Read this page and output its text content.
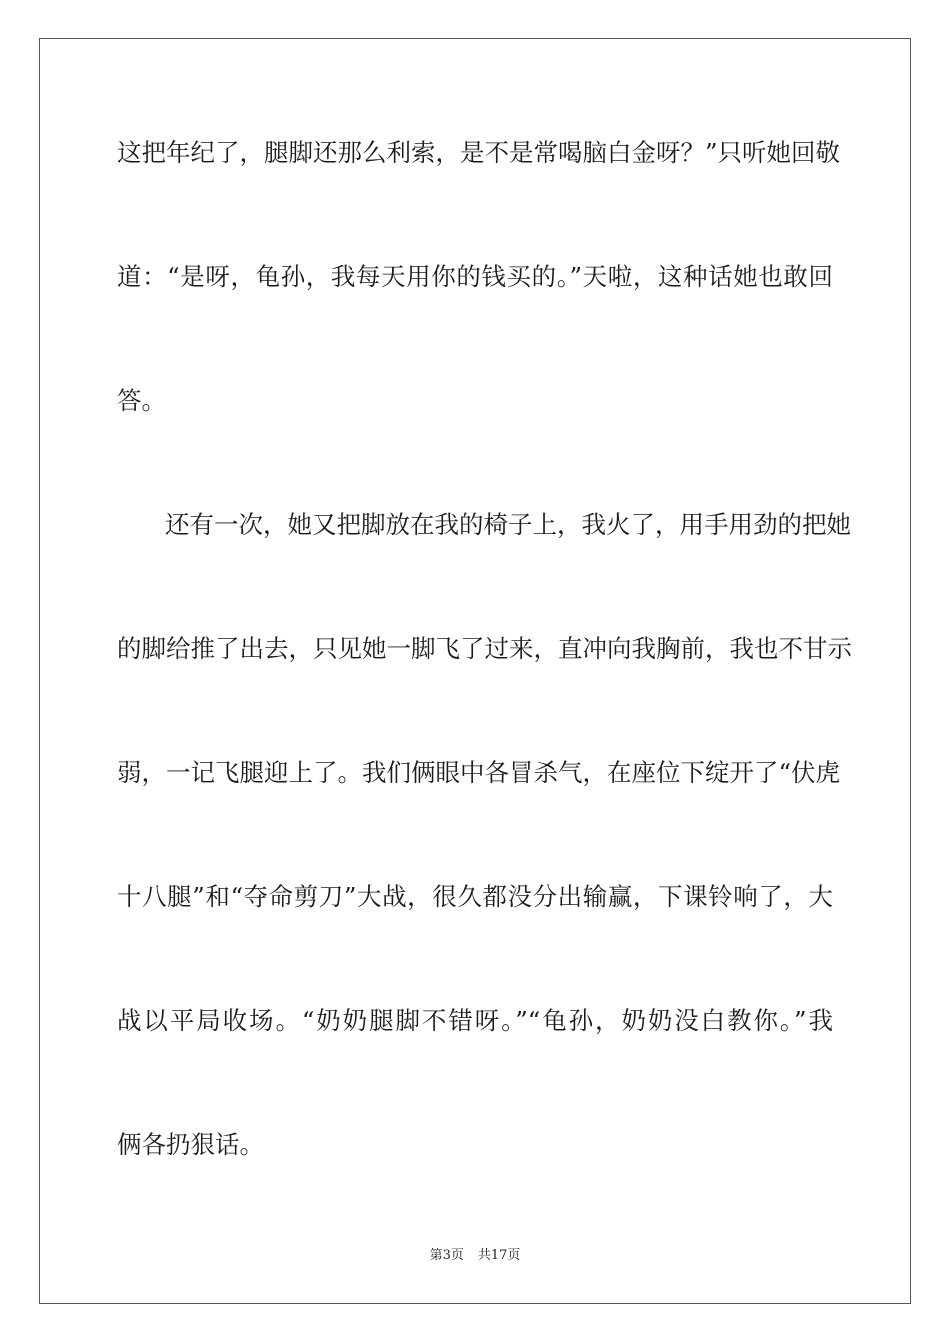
这把年纪了，腿脚还那么利索，是不是常喝脑白金呀？”只听她回敬
道：“是呀，龟孙，我每天用你的钱买的。”天啦，这种话她也敢回
答。
还有一次，她又把脚放在我的椅子上，我火了，用手用劲的把她
的脚给推了出去，只见她一脚飞了过来，直冲向我胸前，我也不甘示
弱，一记飞腿迎上了。我们俩眼中各冒杀气，在座位下绽开了“伏虎
十八腿”和“夺命剪刀”大战，很久都没分出输赢，下课铃响了，大
战以平局收场。“奶奶腿脚不错呀。”“龟孙，奶奶没白教你。”我
俩各扔狠话。
第3页 共17页
